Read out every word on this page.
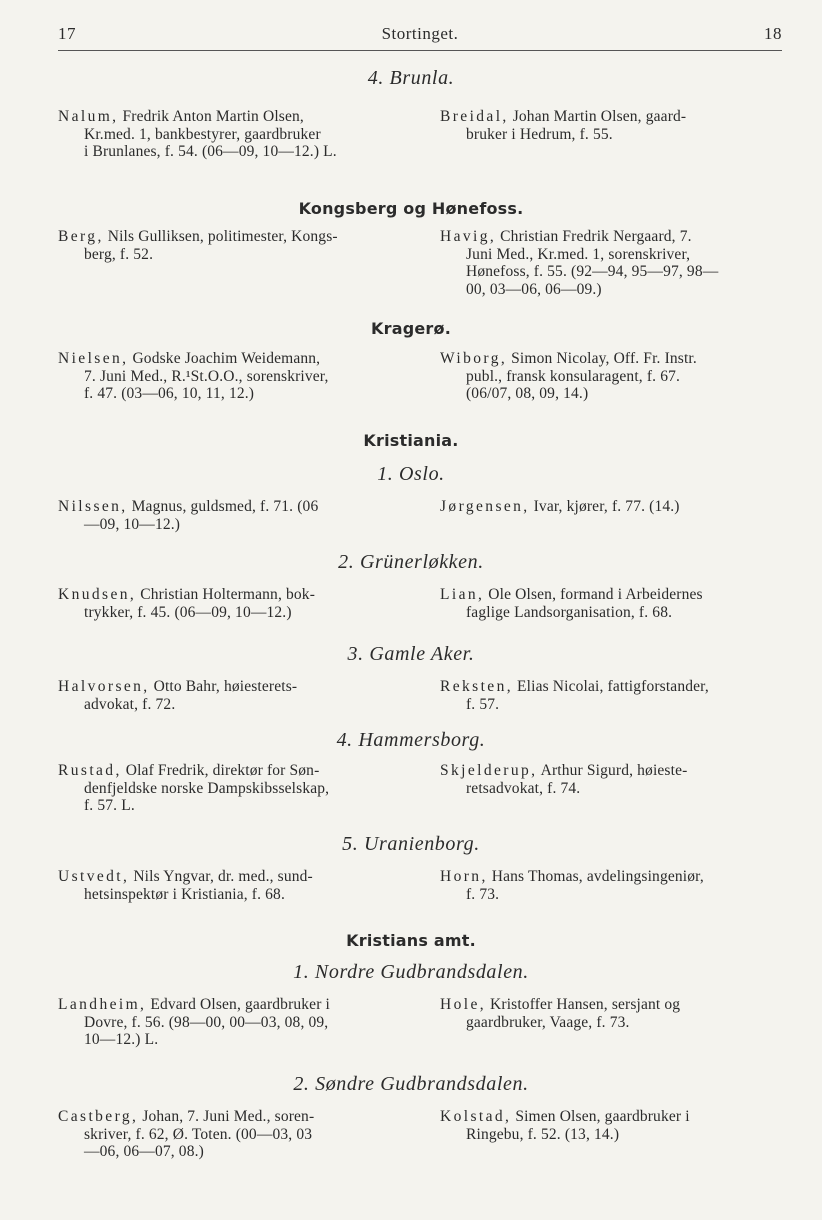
17	Stortinget.	18
4. Brunla.

Nalum, Fredrik Anton Martin Olsen,
Kr.med. 1, bankbestyrer, gaardbruker
i Brunlanes, f. 54. (06—09, 10—12.) L.

Breidal, Johan Martin Olsen, gaard-
bruker i Hedrum, f. 55.

Kongsberg og Hønefoss.

Berg, Nils Gulliksen, politimester, Kongs-
berg, f. 52.

Havig, Christian Fredrik Nergaard, 7.
Juni Med., Kr.med. 1, sorenskriver,
Hønefoss, f. 55. (92—94, 95—97, 98—
00, 03—06, 06—09.)

Kragerø.

Nielsen, Godske Joachim Weidemann,
7. Juni Med., R.¹St.O.O., sorenskriver,
f. 47. (03—06, 10, 11, 12.)

Wiborg, Simon Nicolay, Off. Fr. Instr.
publ., fransk konsularagent, f. 67.
(06/07, 08, 09, 14.)

Kristiania.
1. Oslo.

Nilssen, Magnus, guldsmed, f. 71. (06
—09, 10—12.)

Jørgensen, Ivar, kjører, f. 77. (14.)

2. Grünerløkken.

Knudsen, Christian Holtermann, bok-
trykker, f. 45. (06—09, 10—12.)

Lian, Ole Olsen, formand i Arbeidernes
faglige Landsorganisation, f. 68.

3. Gamle Aker.

Halvorsen, Otto Bahr, høiesterets-
advokat, f. 72.

Reksten, Elias Nicolai, fattigforstander,
f. 57.

4. Hammersborg.

Rustad, Olaf Fredrik, direktør for Søn-
denfjeldske norske Dampskibsselskap,
f. 57. L.

Skjelderup, Arthur Sigurd, høieste-
retsadvokat, f. 74.

5. Uranienborg.

Ustvedt, Nils Yngvar, dr. med., sund-
hetsinspektør i Kristiania, f. 68.

Horn, Hans Thomas, avdelingsingeniør,
f. 73.

Kristians amt.
1. Nordre Gudbrandsdalen.

Landheim, Edvard Olsen, gaardbruker i
Dovre, f. 56. (98—00, 00—03, 08, 09,
10—12.) L.

Hole, Kristoffer Hansen, sersjant og
gaardbruker, Vaage, f. 73.

2. Søndre Gudbrandsdalen.

Castberg, Johan, 7. Juni Med., soren-
skriver, f. 62, Ø. Toten. (00—03, 03
—06, 06—07, 08.)

Kolstad, Simen Olsen, gaardbruker i
Ringebu, f. 52. (13, 14.)
